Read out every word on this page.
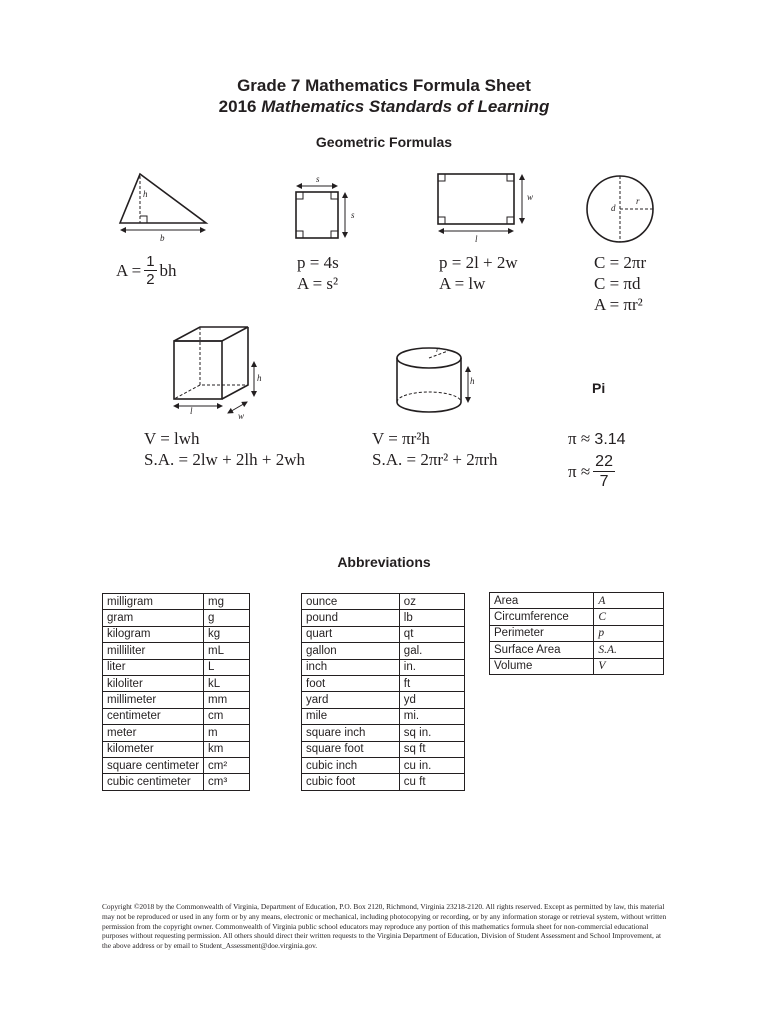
Grade 7 Mathematics Formula Sheet
2016 Mathematics Standards of Learning
Geometric Formulas
h
b
$A = \frac{1}{2}$ bh
s
s
p = 4s
A = s²
w
l
p = 2l + 2w
A = lw
d
r
C = 2πr
C = πd
A = πr²
h
l	w
V = lwh
S.A. = 2lw + 2lh + 2wh
r
h
V = πr²h
S.A. = 2πr² + 2πrh
Pi
π ≈ 3.14
$\pi \approx \frac{22}{7}$
Abbreviations
milligram	mg
gram	g
kilogram	kg
milliliter	mL
liter	L
kiloliter	kL
millimeter	mm
centimeter	cm
meter	m
kilometer	km
square centimeter	cm²
cubic centimeter	cm³
ounce	oz
pound	lb
quart	qt
gallon	gal.
inch	in.
foot	ft
yard	yd
mile	mi.
square inch	sq in.
square foot	sq ft
cubic inch	cu in.
cubic foot	cu ft
Area	A
Circumference	C
Perimeter	p
Surface Area	S.A.
Volume	V
Copyright ©2018 by the Commonwealth of Virginia, Department of Education, P.O. Box 2120, Richmond, Virginia 23218-2120. All rights reserved. Except as permitted by law, this material may not be reproduced or used in any form or by any means, electronic or mechanical, including photocopying or recording, or by any information storage or retrieval system, without written permission from the copyright owner. Commonwealth of Virginia public school educators may reproduce any portion of this mathematics formula sheet for non-commercial educational purposes without requesting permission. All others should direct their written requests to the Virginia Department of Education, Division of Student Assessment and School Improvement, at the above address or by email to Student_Assessment@doe.virginia.gov.
